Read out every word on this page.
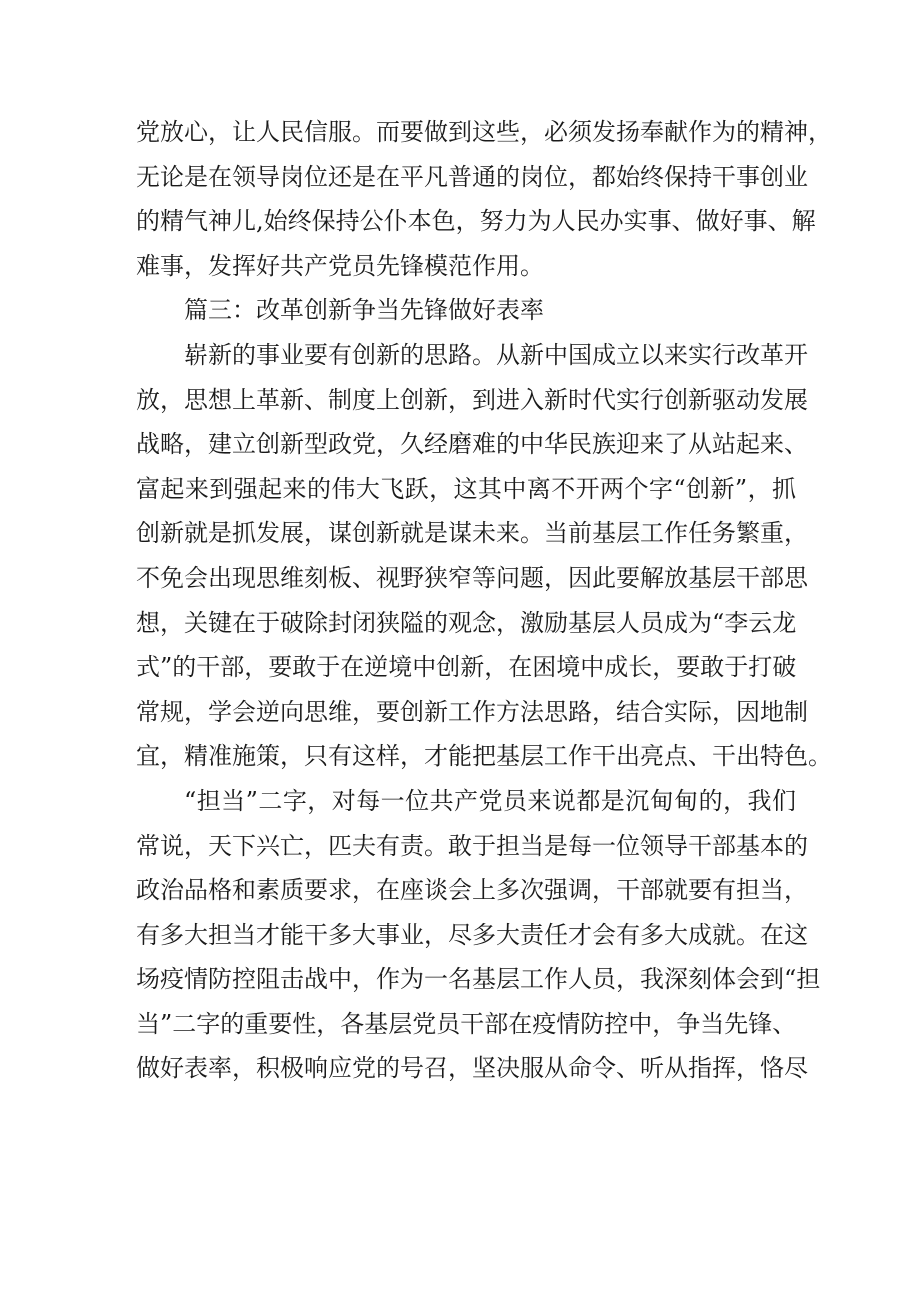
党放心，让人民信服。而要做到这些，必须发扬奉献作为的精神，
无论是在领导岗位还是在平凡普通的岗位，都始终保持干事创业
的精气神儿,始终保持公仆本色，努力为人民办实事、做好事、解
难事，发挥好共产党员先锋模范作用。
篇三：改革创新争当先锋做好表率
崭新的事业要有创新的思路。从新中国成立以来实行改革开
放，思想上革新、制度上创新，到进入新时代实行创新驱动发展
战略，建立创新型政党，久经磨难的中华民族迎来了从站起来、
富起来到强起来的伟大飞跃，这其中离不开两个字“创新”，抓
创新就是抓发展，谋创新就是谋未来。当前基层工作任务繁重，
不免会出现思维刻板、视野狭窄等问题，因此要解放基层干部思
想，关键在于破除封闭狭隘的观念，激励基层人员成为“李云龙
式”的干部，要敢于在逆境中创新，在困境中成长，要敢于打破
常规，学会逆向思维，要创新工作方法思路，结合实际，因地制
宜，精准施策，只有这样，才能把基层工作干出亮点、干出特色。
“担当”二字，对每一位共产党员来说都是沉甸甸的，我们
常说，天下兴亡，匹夫有责。敢于担当是每一位领导干部基本的
政治品格和素质要求，在座谈会上多次强调，干部就要有担当，
有多大担当才能干多大事业，尽多大责任才会有多大成就。在这
场疫情防控阻击战中，作为一名基层工作人员，我深刻体会到“担
当”二字的重要性，各基层党员干部在疫情防控中，争当先锋、
做好表率，积极响应党的号召，坚决服从命令、听从指挥，恪尽
